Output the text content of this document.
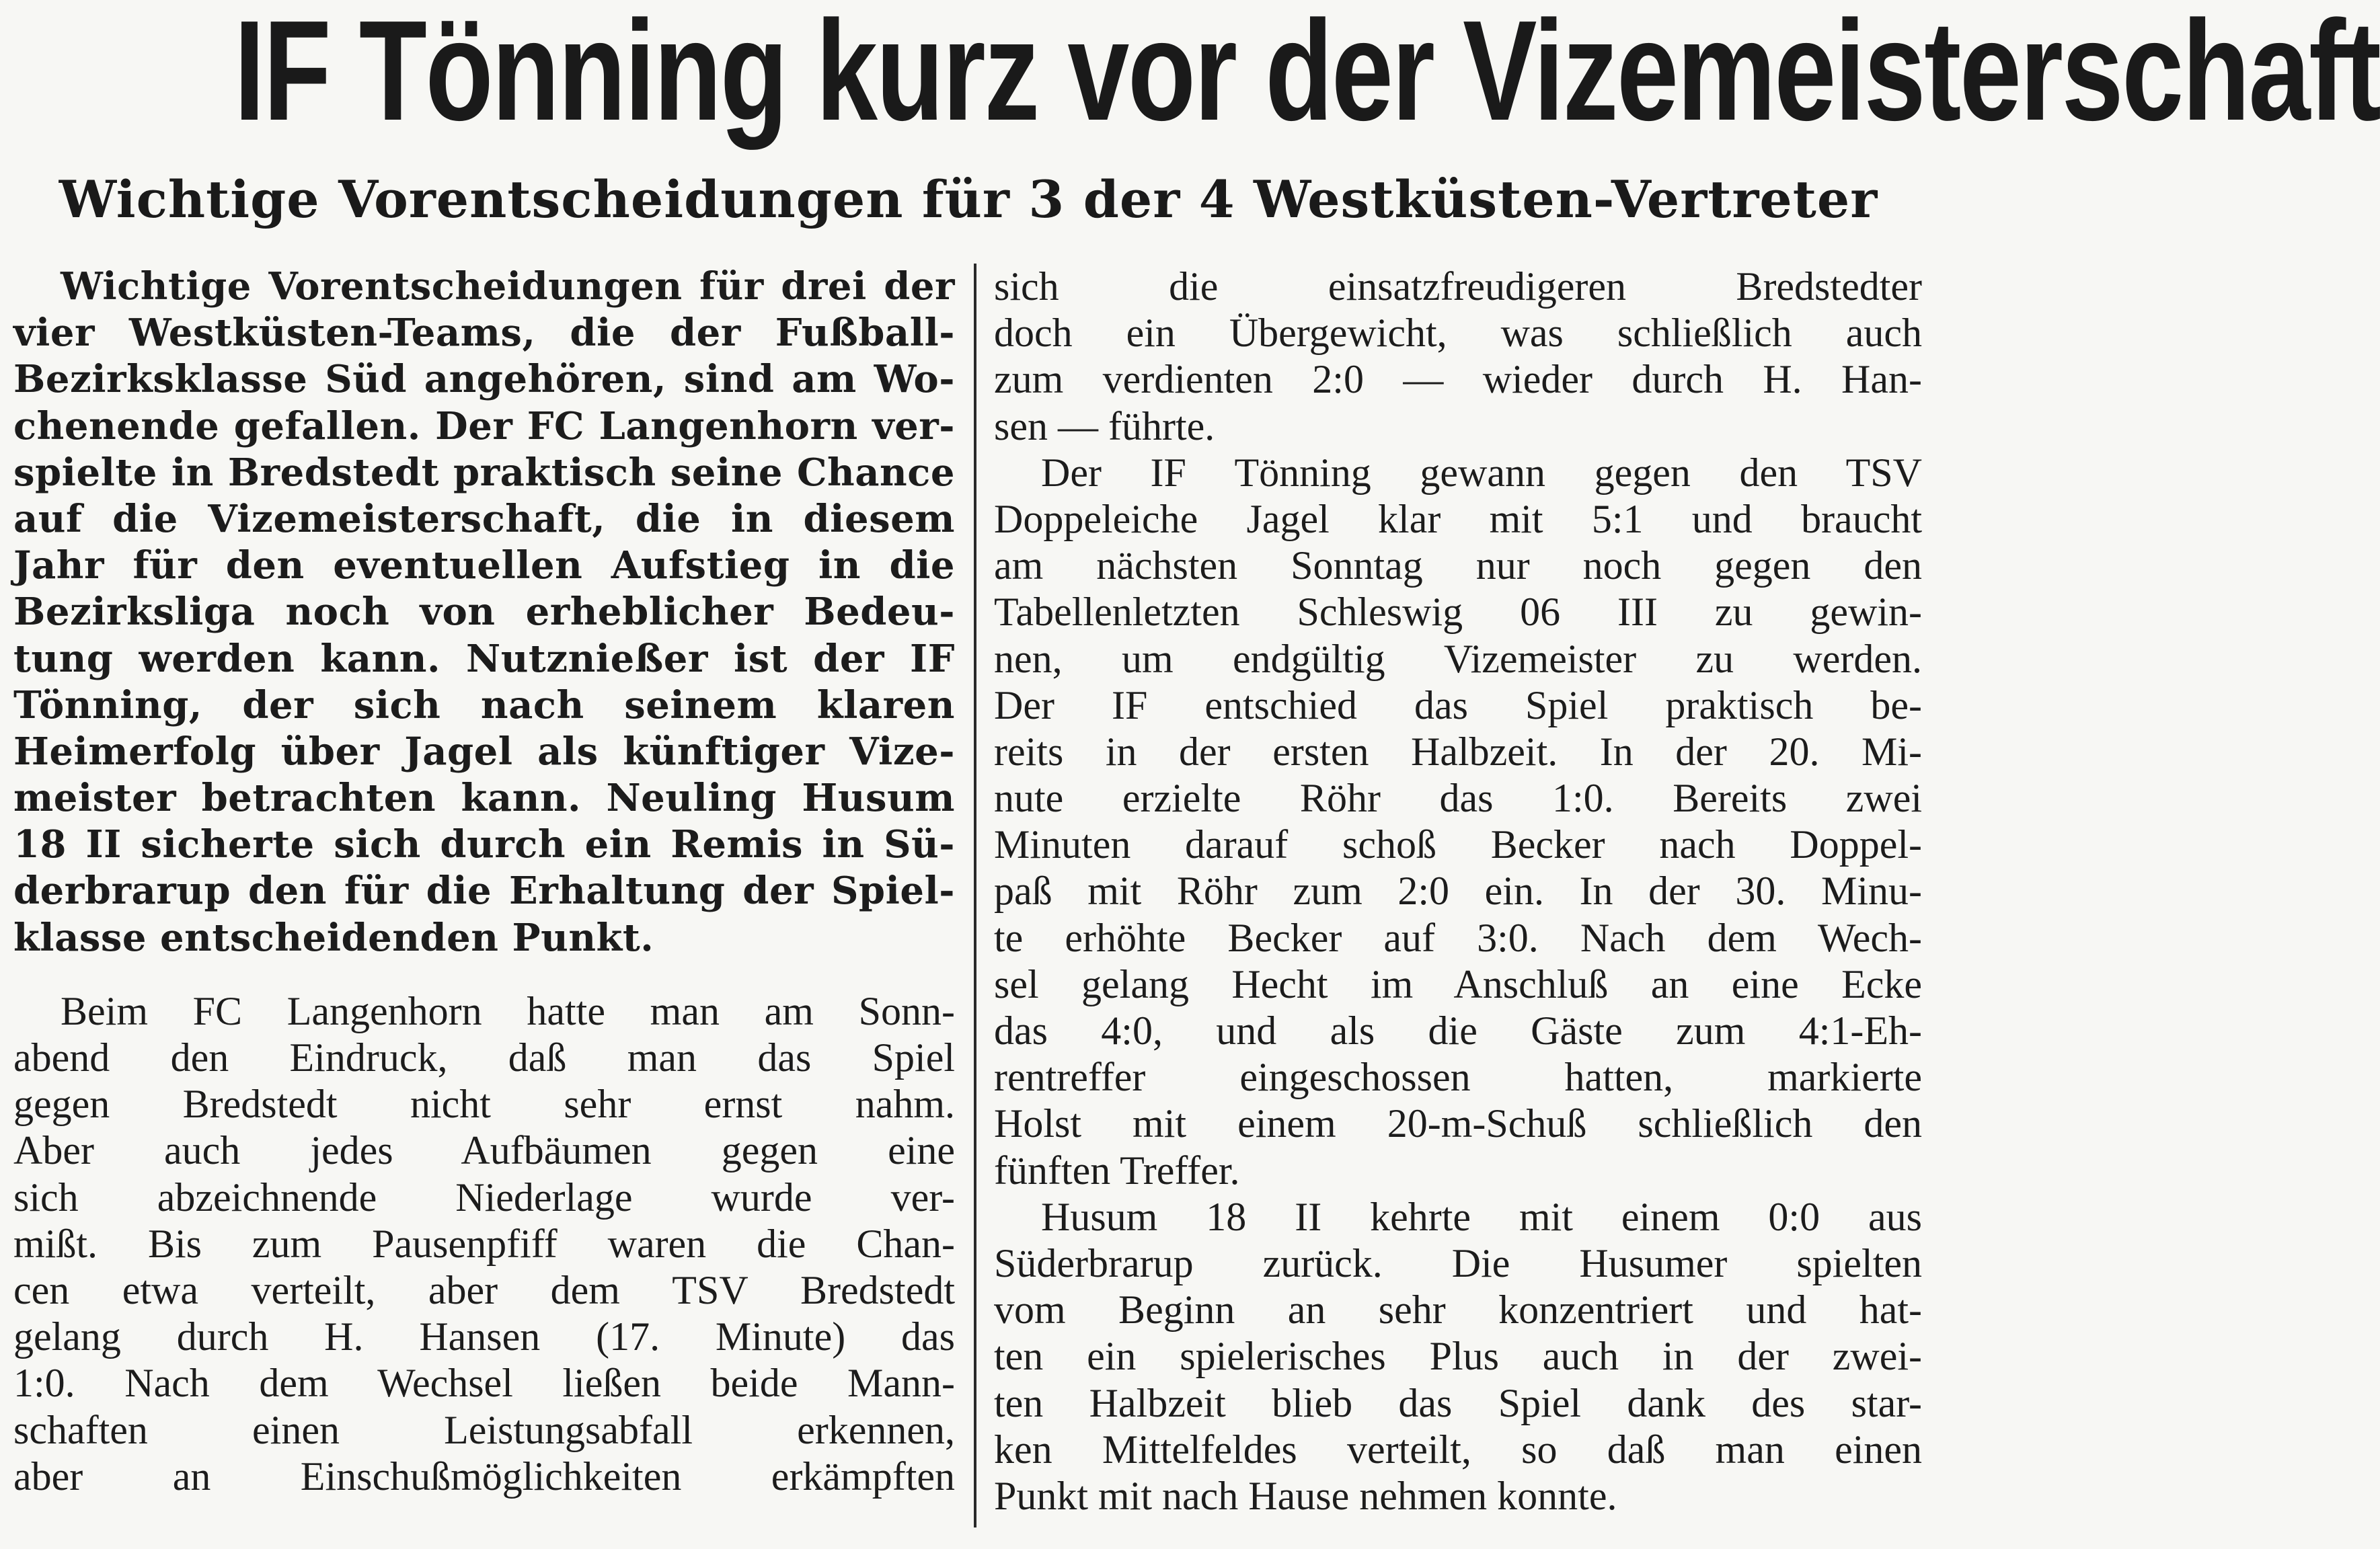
IF Tönning kurz vor der Vizemeisterschaft
Wichtige Vorentscheidungen für 3 der 4 Westküsten-Vertreter
Wichtige Vorentscheidungen für drei der
vier Westküsten-Teams, die der Fußball-
Bezirksklasse Süd angehören, sind am Wo-
chenende gefallen. Der FC Langenhorn ver-
spielte in Bredstedt praktisch seine Chance
auf die Vizemeisterschaft, die in diesem
Jahr für den eventuellen Aufstieg in die
Bezirksliga noch von erheblicher Bedeu-
tung werden kann. Nutznießer ist der IF
Tönning, der sich nach seinem klaren
Heimerfolg über Jagel als künftiger Vize-
meister betrachten kann. Neuling Husum
18 II sicherte sich durch ein Remis in Sü-
derbrarup den für die Erhaltung der Spiel-
klasse entscheidenden Punkt.
Beim FC Langenhorn hatte man am Sonn-
abend den Eindruck, daß man das Spiel
gegen Bredstedt nicht sehr ernst nahm.
Aber auch jedes Aufbäumen gegen eine
sich abzeichnende Niederlage wurde ver-
mißt. Bis zum Pausenpfiff waren die Chan-
cen etwa verteilt, aber dem TSV Bredstedt
gelang durch H. Hansen (17. Minute) das
1:0. Nach dem Wechsel ließen beide Mann-
schaften einen Leistungsabfall erkennen,
aber an Einschußmöglichkeiten erkämpften
sich die einsatzfreudigeren Bredstedter
doch ein Übergewicht, was schließlich auch
zum verdienten 2:0 — wieder durch H. Han-
sen — führte.
Der IF Tönning gewann gegen den TSV
Doppeleiche Jagel klar mit 5:1 und braucht
am nächsten Sonntag nur noch gegen den
Tabellenletzten Schleswig 06 III zu gewin-
nen, um endgültig Vizemeister zu werden.
Der IF entschied das Spiel praktisch be-
reits in der ersten Halbzeit. In der 20. Mi-
nute erzielte Röhr das 1:0. Bereits zwei
Minuten darauf schoß Becker nach Doppel-
paß mit Röhr zum 2:0 ein. In der 30. Minu-
te erhöhte Becker auf 3:0. Nach dem Wech-
sel gelang Hecht im Anschluß an eine Ecke
das 4:0, und als die Gäste zum 4:1-Eh-
rentreffer eingeschossen hatten, markierte
Holst mit einem 20-m-Schuß schließlich den
fünften Treffer.
Husum 18 II kehrte mit einem 0:0 aus
Süderbrarup zurück. Die Husumer spielten
vom Beginn an sehr konzentriert und hat-
ten ein spielerisches Plus auch in der zwei-
ten Halbzeit blieb das Spiel dank des star-
ken Mittelfeldes verteilt, so daß man einen
Punkt mit nach Hause nehmen konnte.
